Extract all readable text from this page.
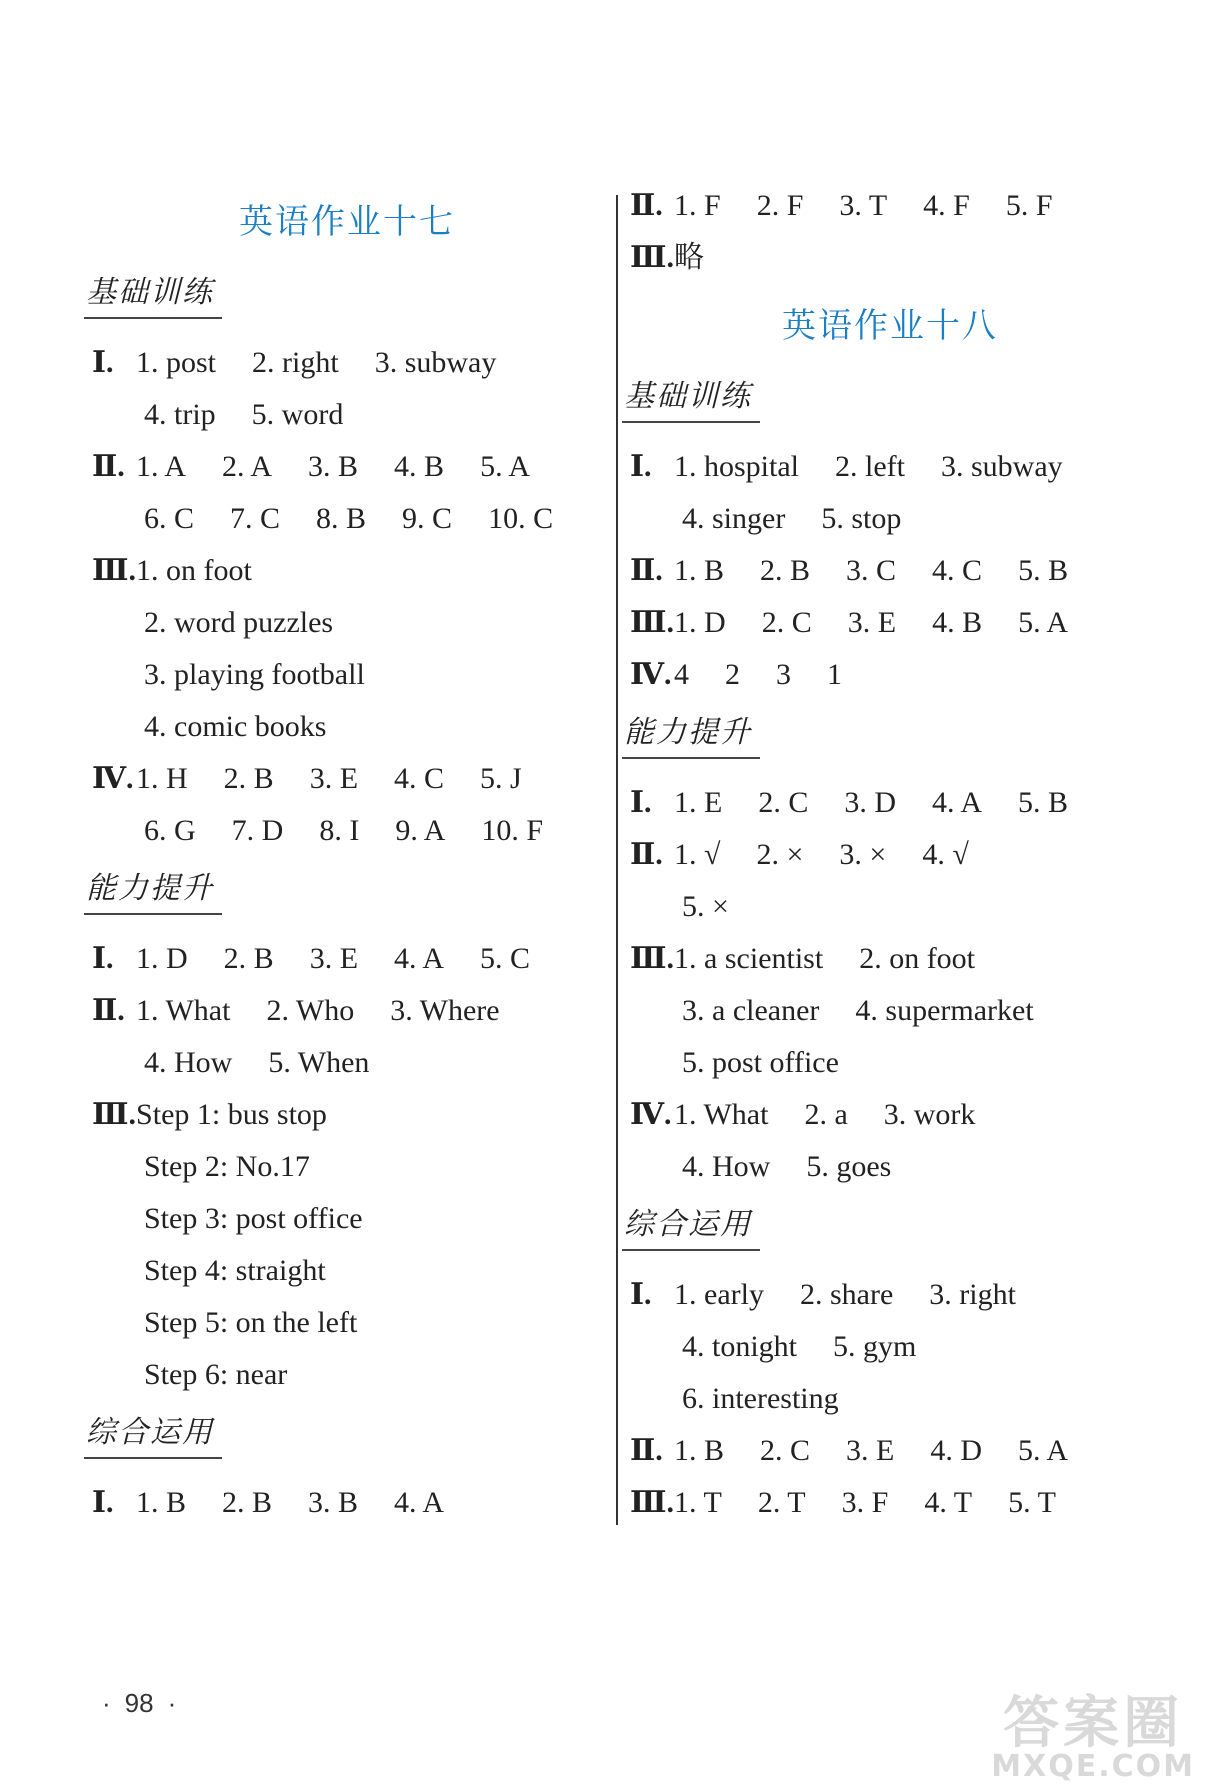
英语作业十七
基础训练
Ⅰ. 1. post 2. right 3. subway
4. trip 5. word
Ⅱ. 1. A 2. A 3. B 4. B 5. A
6. C 7. C 8. B 9. C 10. C
Ⅲ.1. on foot
2. word puzzles
3. playing football
4. comic books
Ⅳ.1. H 2. B 3. E 4. C 5. J
6. G 7. D 8. I 9. A 10. F
能力提升
Ⅰ. 1. D 2. B 3. E 4. A 5. C
Ⅱ. 1. What 2. Who 3. Where
4. How 5. When
Ⅲ.Step 1: bus stop
Step 2: No.17
Step 3: post office
Step 4: straight
Step 5: on the left
Step 6: near
综合运用
Ⅰ. 1. B 2. B 3. B 4. A
Ⅱ. 1. F 2. F 3. T 4. F 5. F
Ⅲ.略
英语作业十八
基础训练
Ⅰ. 1. hospital 2. left 3. subway
4. singer 5. stop
Ⅱ. 1. B 2. B 3. C 4. C 5. B
Ⅲ.1. D 2. C 3. E 4. B 5. A
Ⅳ.4 2 3 1
能力提升
Ⅰ. 1. E 2. C 3. D 4. A 5. B
Ⅱ. 1. √ 2. × 3. × 4. √
5. ×
Ⅲ.1. a scientist 2. on foot
3. a cleaner 4. supermarket
5. post office
Ⅳ.1. What 2. a 3. work
4. How 5. goes
综合运用
Ⅰ. 1. early 2. share 3. right
4. tonight 5. gym
6. interesting
Ⅱ. 1. B 2. C 3. E 4. D 5. A
Ⅲ.1. T 2. T 3. F 4. T 5. T
· 98 ·	答案圈
MXQE.COM
